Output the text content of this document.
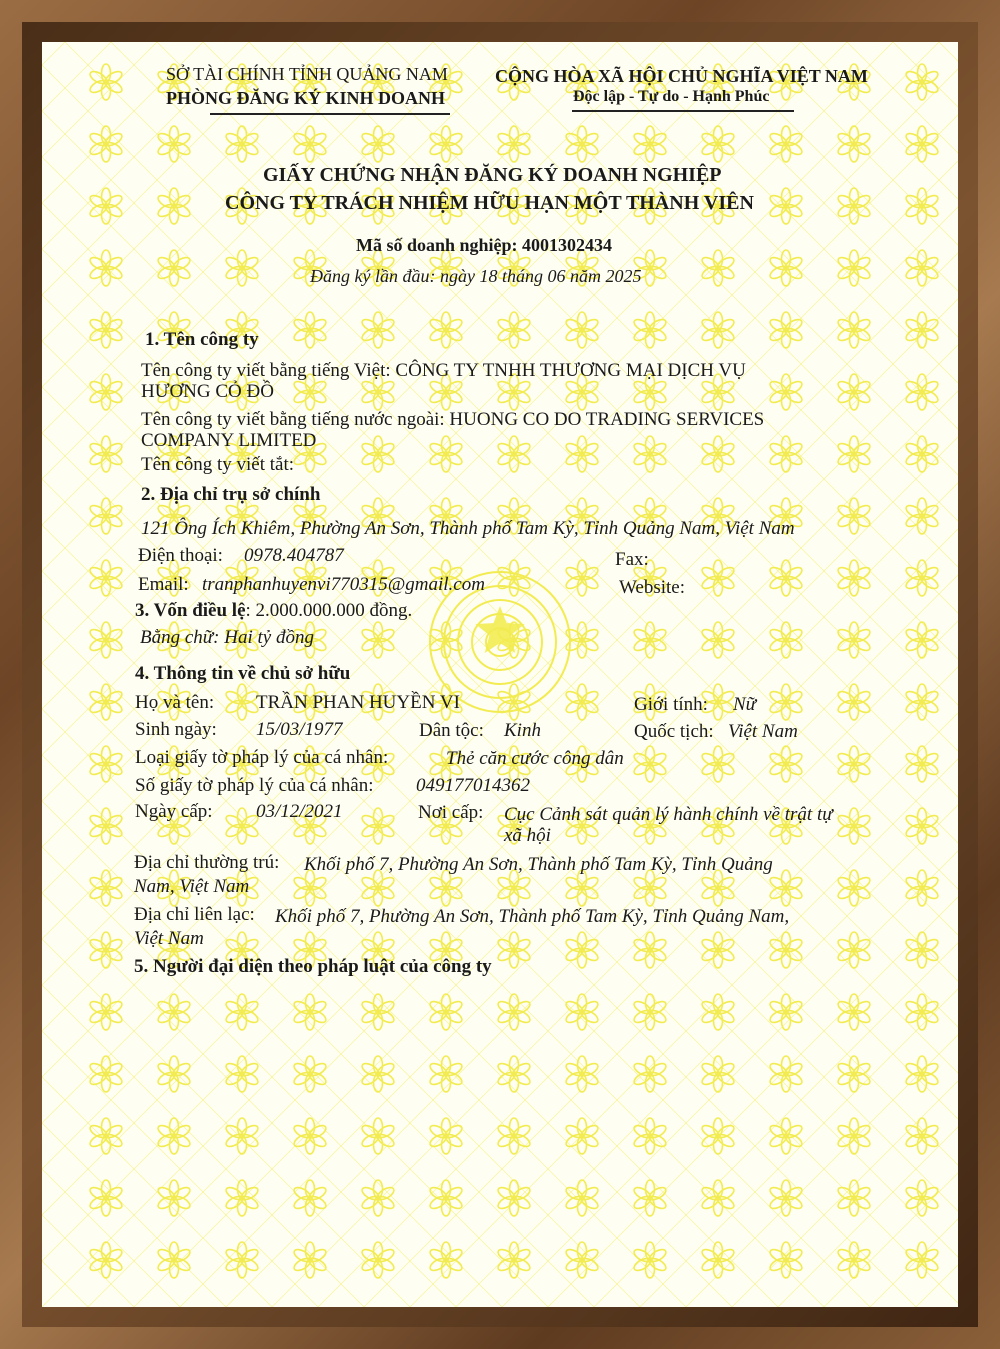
SỞ TÀI CHÍNH TỈNH QUẢNG NAM
PHÒNG ĐĂNG KÝ KINH DOANH
CỘNG HÒA XÃ HỘI CHỦ NGHĨA VIỆT NAM
Độc lập - Tự do - Hạnh Phúc
GIẤY CHỨNG NHẬN ĐĂNG KÝ DOANH NGHIỆP
CÔNG TY TRÁCH NHIỆM HỮU HẠN MỘT THÀNH VIÊN
Mã số doanh nghiệp: 4001302434
Đăng ký lần đầu: ngày 18 tháng 06 năm 2025
1. Tên công ty
Tên công ty viết bằng tiếng Việt: CÔNG TY TNHH THƯƠNG MẠI DỊCH VỤ
HƯƠNG CỎ ĐỒ
Tên công ty viết bằng tiếng nước ngoài: HUONG CO DO TRADING SERVICES
COMPANY LIMITED
Tên công ty viết tắt:
2. Địa chỉ trụ sở chính
121 Ông Ích Khiêm, Phường An Sơn, Thành phố Tam Kỳ, Tỉnh Quảng Nam, Việt Nam
Điện thoại: 0978.404787	Fax:
Email: tranphanhuyenvi770315@gmail.com	Website:
3. Vốn điều lệ: 2.000.000.000 đồng.
Bằng chữ: Hai tỷ đồng
4. Thông tin về chủ sở hữu
Họ và tên: TRẦN PHAN HUYỀN VI	Giới tính: Nữ
Sinh ngày: 15/03/1977	Dân tộc: Kinh	Quốc tịch: Việt Nam
Loại giấy tờ pháp lý của cá nhân:	Thẻ căn cước công dân
Số giấy tờ pháp lý của cá nhân: 049177014362
Ngày cấp: 03/12/2021	Nơi cấp: Cục Cảnh sát quản lý hành chính về trật tự
xã hội
Địa chỉ thường trú: Khối phố 7, Phường An Sơn, Thành phố Tam Kỳ, Tỉnh Quảng
Nam, Việt Nam
Địa chỉ liên lạc: Khối phố 7, Phường An Sơn, Thành phố Tam Kỳ, Tỉnh Quảng Nam,
Việt Nam
5. Người đại diện theo pháp luật của công ty
